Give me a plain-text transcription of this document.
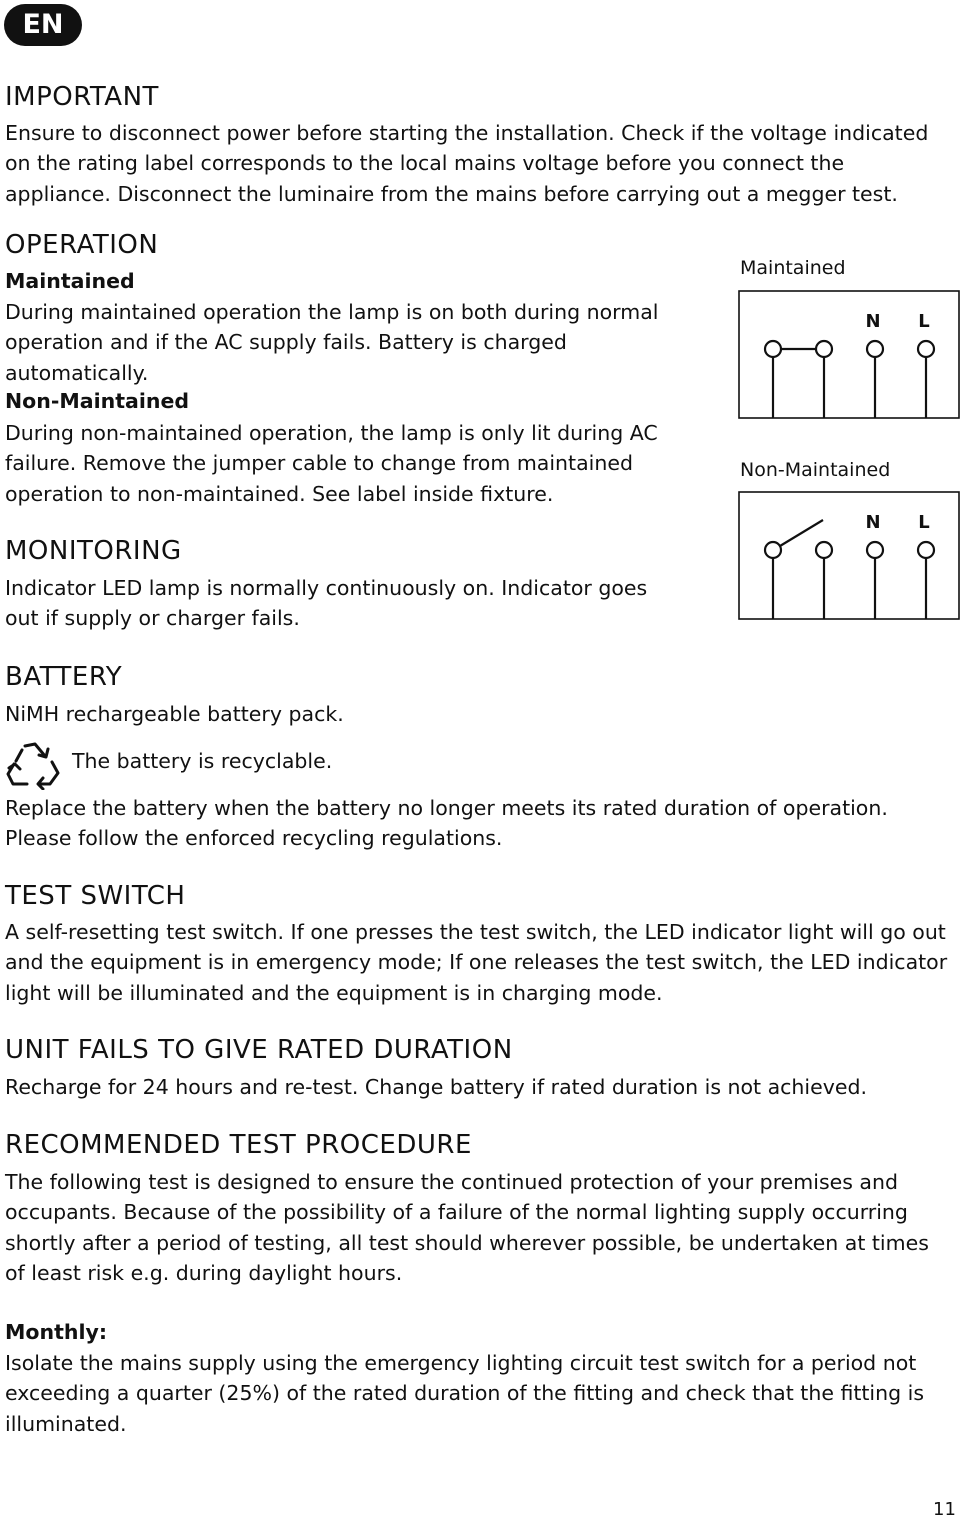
EN
IMPORTANT

Ensure to disconnect power before starting the installation. Check if the voltage indicated on the rating label corresponds to the local mains voltage before you connect the appliance. Disconnect the luminaire from the mains before carrying out a megger test.

OPERATION
Maintained

During maintained operation the lamp is on both during normal operation and if the AC supply fails. Battery is charged automatically.

Non-Maintained

During non-maintained operation, the lamp is only lit during AC failure. Remove the jumper cable to change from maintained operation to non-maintained. See label inside fixture.

Maintained
N L
Non-Maintained
N L
MONITORING

Indicator LED lamp is normally continuously on. Indicator goes out if supply or charger fails.

BATTERY

NiMH rechargeable battery pack.

The battery is recyclable.

Replace the battery when the battery no longer meets its rated duration of operation. Please follow the enforced recycling regulations.

TEST SWITCH

A self-resetting test switch. If one presses the test switch, the LED indicator light will go out and the equipment is in emergency mode; If one releases the test switch, the LED indicator light will be illuminated and the equipment is in charging mode.

UNIT FAILS TO GIVE RATED DURATION

Recharge for 24 hours and re-test. Change battery if rated duration is not achieved.

RECOMMENDED TEST PROCEDURE

The following test is designed to ensure the continued protection of your premises and occupants. Because of the possibility of a failure of the normal lighting supply occurring shortly after a period of testing, all test should wherever possible, be undertaken at times of least risk e.g. during daylight hours.

Monthly:

Isolate the mains supply using the emergency lighting circuit test switch for a period not exceeding a quarter (25%) of the rated duration of the fitting and check that the fitting is illuminated.

11
